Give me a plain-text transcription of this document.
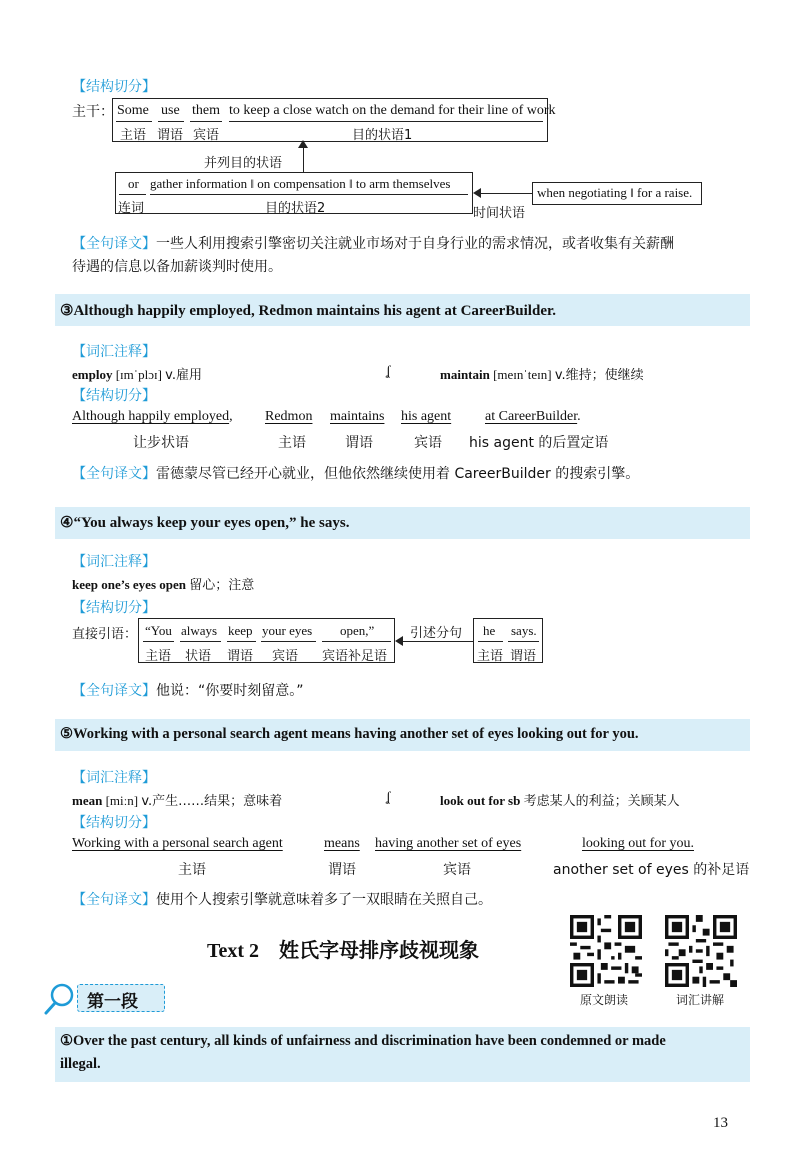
【结构切分】
主干： Some use them to keep a close watch on the demand for their line of work
主语 谓语 宾语	目的状语1
并列目的状语
or gather information ‖ on compensation ‖ to arm themselves
连词	目的状语2
when negotiating ‖ for a raise.
时间状语
【全句译文】一些人利用搜索引擎密切关注就业市场对于自身行业的需求情况，或者收集有关薪酬
待遇的信息以备加薪谈判时使用。
③Although happily employed, Redmon maintains his agent at CareerBuilder.
【词汇注释】
employ [ɪmˈplɔɪ] v.雇用	ʆ	maintain [meɪnˈteɪn] v.维持；使继续
【结构切分】
Although happily employed, Redmon maintains his agent at CareerBuilder.
让步状语	主语	谓语	宾语 his agent 的后置定语
【全句译文】雷德蒙尽管已经开心就业，但他依然继续使用着 CareerBuilder 的搜索引擎。
④“You always keep your eyes open,” he says.
【词汇注释】
keep one’s eyes open 留心；注意
【结构切分】
直接引语： “You always keep your eyes open,”
主语 状语 谓语 宾语 宾语补足语
引述分句 he says.
主语 谓语
【全句译文】他说：“你要时刻留意。”
⑤Working with a personal search agent means having another set of eyes looking out for you.
【词汇注释】
mean [miːn] v.产生……结果；意味着	ʆ	look out for sb 考虑某人的利益；关顾某人
【结构切分】
Working with a personal search agent	means having another set of eyes	looking out for you.
主语	谓语	宾语	another set of eyes 的补足语
【全句译文】使用个人搜索引擎就意味着多了一双眼睛在关照自己。
Text 2　姓氏字母排序歧视现象
原文朗读	词汇讲解
第一段
①Over the past century, all kinds of unfairness and discrimination have been condemned or made
illegal.
13
